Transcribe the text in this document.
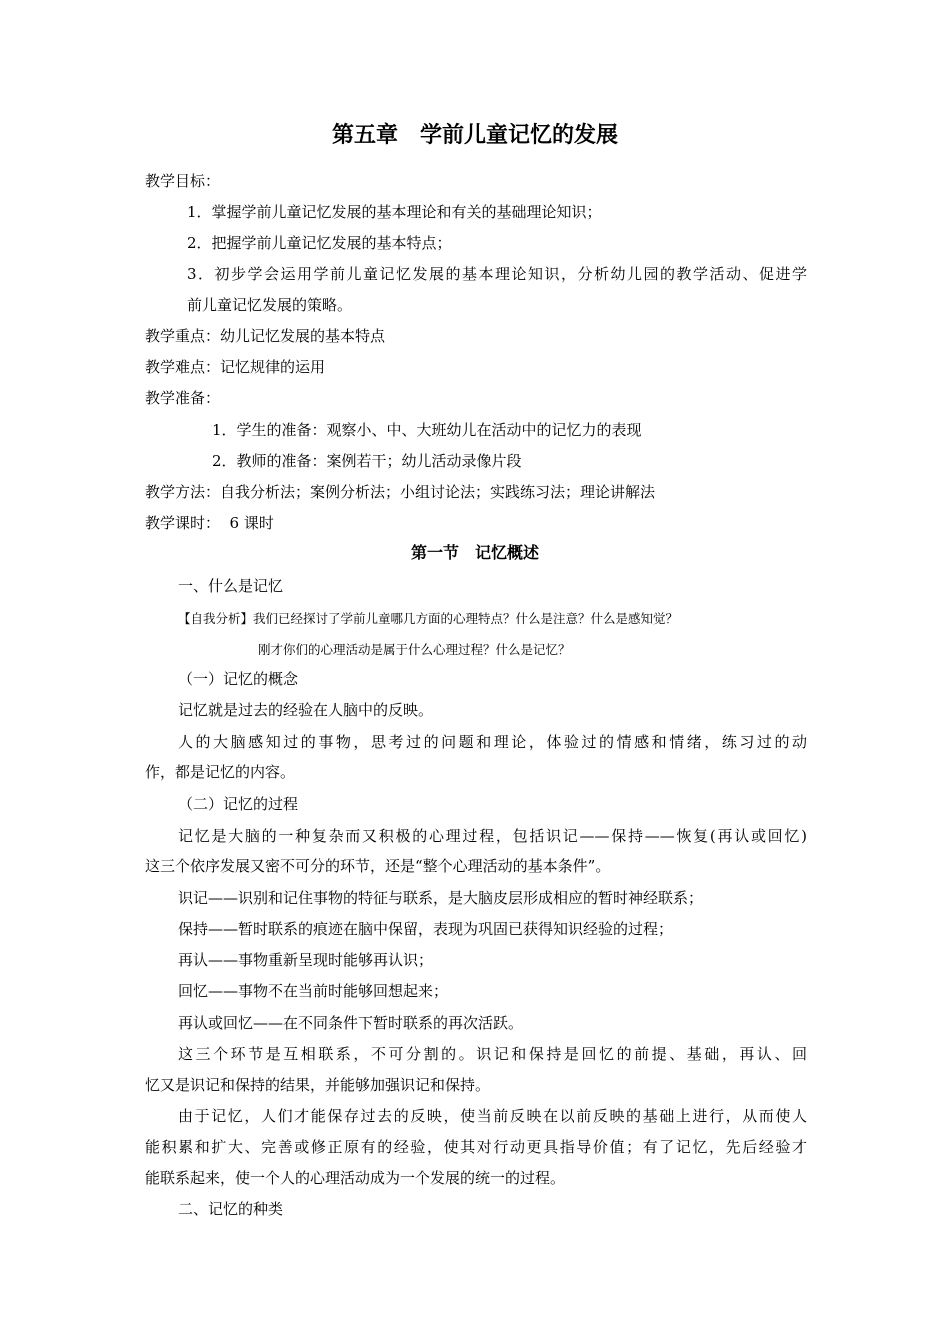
第五章　学前儿童记忆的发展

教学目标：

1．掌握学前儿童记忆发展的基本理论和有关的基础理论知识；

2．把握学前儿童记忆发展的基本特点；

3．初步学会运用学前儿童记忆发展的基本理论知识，分析幼儿园的教学活动、促进学

前儿童记忆发展的策略。

教学重点：幼儿记忆发展的基本特点

教学难点：记忆规律的运用

教学准备：

1．学生的准备：观察小、中、大班幼儿在活动中的记忆力的表现

2．教师的准备：案例若干；幼儿活动录像片段

教学方法：自我分析法；案例分析法；小组讨论法；实践练习法；理论讲解法

教学课时：  6 课时

第一节　记忆概述

一、什么是记忆

【自我分析】我们已经探讨了学前儿童哪几方面的心理特点？什么是注意？什么是感知觉？

刚才你们的心理活动是属于什么心理过程？什么是记忆？

（一）记忆的概念

记忆就是过去的经验在人脑中的反映。

人的大脑感知过的事物，思考过的问题和理论，体验过的情感和情绪，练习过的动

作，都是记忆的内容。

（二）记忆的过程

记忆是大脑的一种复杂而又积极的心理过程，包括识记——保持——恢复(再认或回忆)

这三个依序发展又密不可分的环节，还是“整个心理活动的基本条件”。

识记——识别和记住事物的特征与联系，是大脑皮层形成相应的暂时神经联系；

保持——暂时联系的痕迹在脑中保留，表现为巩固已获得知识经验的过程；

再认——事物重新呈现时能够再认识；

回忆——事物不在当前时能够回想起来；

再认或回忆——在不同条件下暂时联系的再次活跃。

这三个环节是互相联系，不可分割的。识记和保持是回忆的前提、基础，再认、回

忆又是识记和保持的结果，并能够加强识记和保持。

由于记忆，人们才能保存过去的反映，使当前反映在以前反映的基础上进行，从而使人

能积累和扩大、完善或修正原有的经验，使其对行动更具指导价值；有了记忆，先后经验才

能联系起来，使一个人的心理活动成为一个发展的统一的过程。

二、记忆的种类
